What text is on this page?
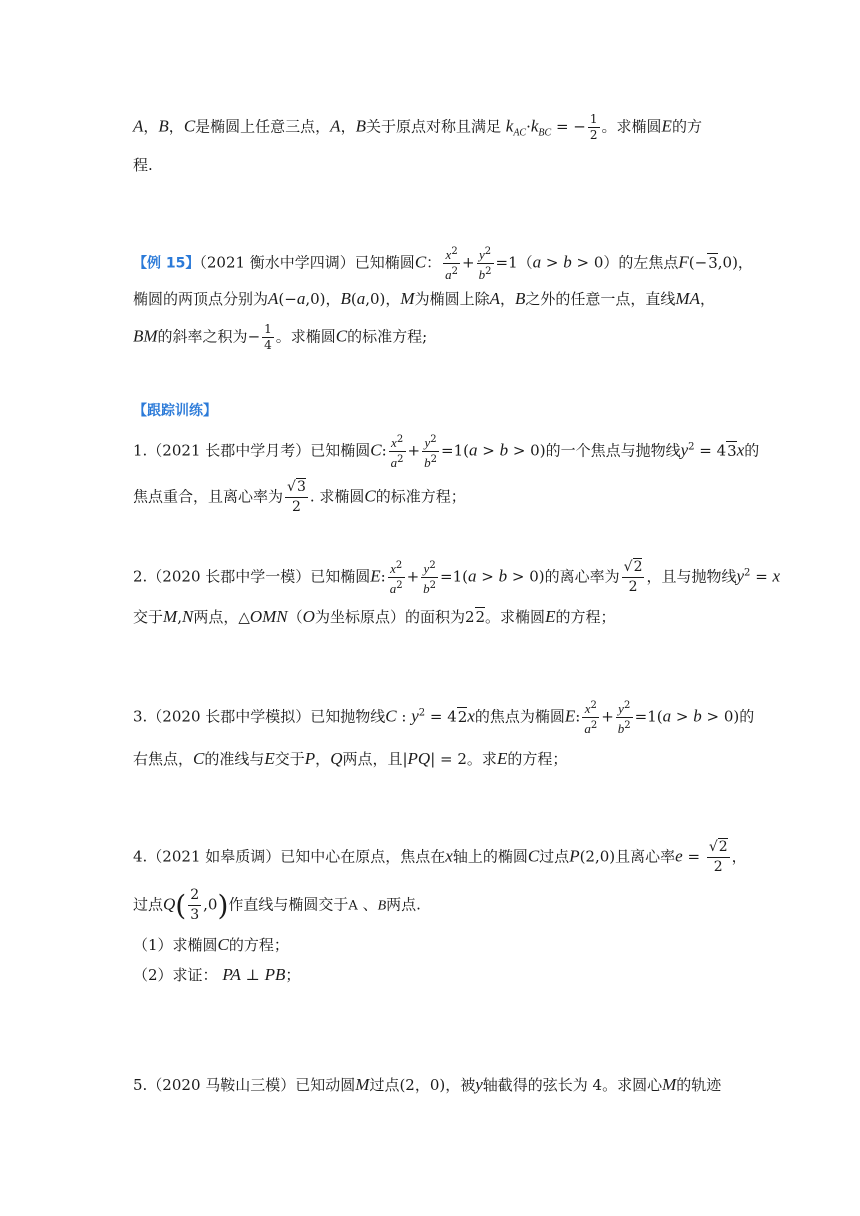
A，B，C是椭圆上任意三点，A，B关于原点对称且满足 $k_{AC}\cdot k_{BC}$ = − $\frac{1}{2}$ 。求椭圆E的方
程.
【例 15】（2021 衡水中学四调）已知椭圆C： $\frac{x^2}{a^2} + \frac{y^2}{b^2} =1(a > b > 0)$的左焦点F(−3,0)，
椭圆的两顶点分别为A(−a,0)，B(a,0)，M为椭圆上除A，B之外的任意一点，直线MA，
BM的斜率之积为− $\frac{1}{4}$ 。求椭圆C的标准方程;
【跟踪训练】
1.（2021 长郡中学月考）已知椭圆C: $\frac{x^2}{a^2} + \frac{y^2}{b^2} =1(a > b > 0)$的一个焦点与抛物线$y^2 = 43x$的
焦点重合，且离心率为 $\frac{√3}{2}$ . 求椭圆C的标准方程；
2.（2020 长郡中学一模）已知椭圆E: $\frac{x^2}{a^2} + \frac{y^2}{b^2} =1(a > b > 0)$的离心率为 $\frac{√2}{2}$ ，且与抛物线$y^2 = x$
交于M,N两点，△OMN（O为坐标原点）的面积为22。求椭圆E的方程；
3.（2020 长郡中学模拟）已知抛物线C : $y^2 = 42x$的焦点为椭圆E: $\frac{x^2}{a^2} + \frac{y^2}{b^2} =1(a > b > 0)$的
右焦点，C的准线与E交于P，Q两点，且|PQ| = 2。求E的方程；
4.（2021 如皋质调）已知中心在原点，焦点在x轴上的椭圆C过点P(2,0)且离心率$e = \frac{√2}{2}$ ，
过点$Q( \frac{2}{3} ,0)$作直线与椭圆交于A 、B两点.
（1）求椭圆C的方程；
（2）求证： PA ⊥ PB；
5.（2020 马鞍山三模）已知动圆M过点(2，0)，被y轴截得的弦长为 4。求圆心M的轨迹
